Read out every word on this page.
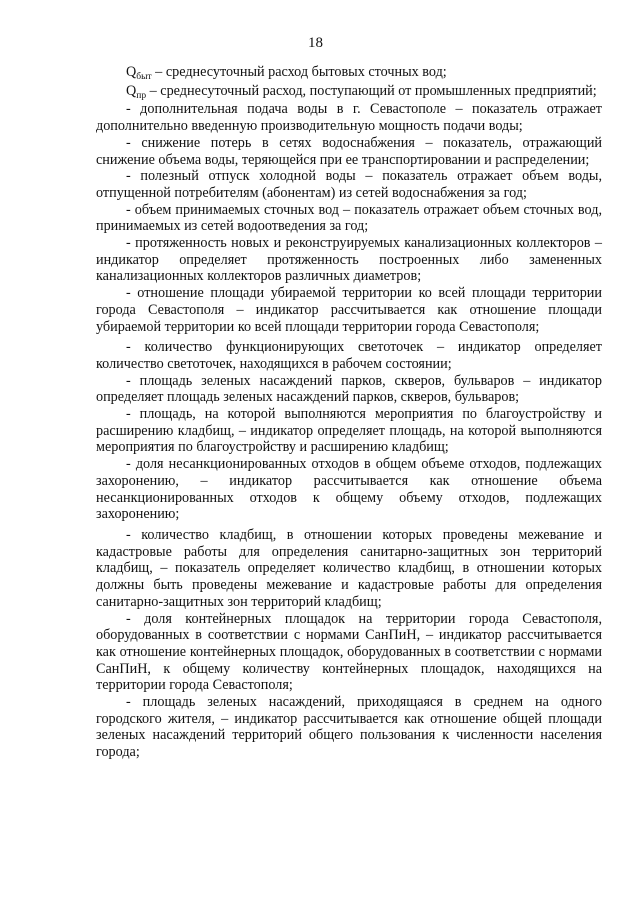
18

$Q_{быт}$ – среднесуточный расход бытовых сточных вод;

$Q_{пр}$ – среднесуточный расход, поступающий от промышленных предприятий;

- дополнительная подача воды в г. Севастополе – показатель отражает дополнительно введенную производительную мощность подачи воды;

- снижение потерь в сетях водоснабжения – показатель, отражающий снижение объема воды, теряющейся при ее транспортировании и распределении;

- полезный отпуск холодной воды – показатель отражает объем воды, отпущенной потребителям (абонентам) из сетей водоснабжения за год;

- объем принимаемых сточных вод – показатель отражает объем сточных вод, принимаемых из сетей водоотведения за год;

- протяженность новых и реконструируемых канализационных коллекторов – индикатор определяет протяженность построенных либо замененных канализационных коллекторов различных диаметров;

- отношение площади убираемой территории ко всей площади территории города Севастополя – индикатор рассчитывается как отношение площади убираемой территории ко всей площади территории города Севастополя;

- количество функционирующих светоточек – индикатор определяет количество светоточек, находящихся в рабочем состоянии;

- площадь зеленых насаждений парков, скверов, бульваров – индикатор определяет площадь зеленых насаждений парков, скверов, бульваров;

- площадь, на которой выполняются мероприятия по благоустройству и расширению кладбищ, – индикатор определяет площадь, на которой выполняются мероприятия по благоустройству и расширению кладбищ;

- доля несанкционированных отходов в общем объеме отходов, подлежащих захоронению, – индикатор рассчитывается как отношение объема несанкционированных отходов к общему объему отходов, подлежащих захоронению;

- количество кладбищ, в отношении которых проведены межевание и кадастровые работы для определения санитарно-защитных зон территорий кладбищ, – показатель определяет количество кладбищ, в отношении которых должны быть проведены межевание и кадастровые работы для определения санитарно-защитных зон территорий кладбищ;

- доля контейнерных площадок на территории города Севастополя, оборудованных в соответствии с нормами СанПиН, – индикатор рассчитывается как отношение контейнерных площадок, оборудованных в соответствии с нормами СанПиН, к общему количеству контейнерных площадок, находящихся на территории города Севастополя;

- площадь зеленых насаждений, приходящаяся в среднем на одного городского жителя, – индикатор рассчитывается как отношение общей площади зеленых насаждений территорий общего пользования к численности населения города;
